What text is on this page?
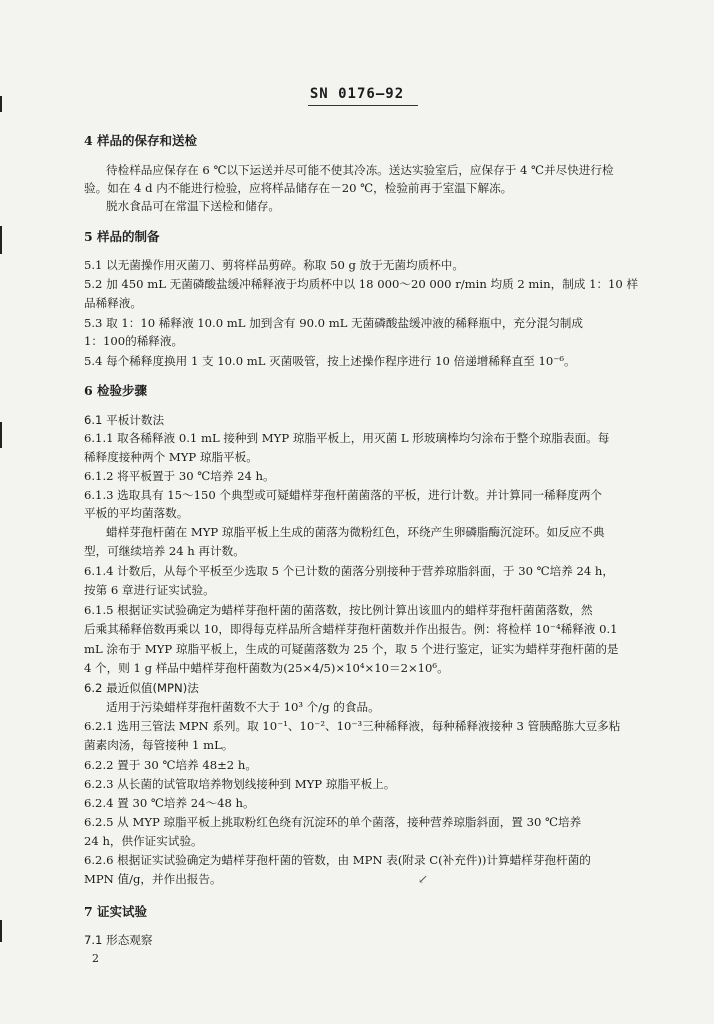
SN 0176—92
4 样品的保存和送检
待检样品应保存在 6 ℃以下运送并尽可能不使其冷冻。送达实验室后，应保存于 4 ℃并尽快进行检
验。如在 4 d 内不能进行检验，应将样品储存在－20 ℃，检验前再于室温下解冻。
脱水食品可在常温下送检和储存。
5 样品的制备
5.1 以无菌操作用灭菌刀、剪将样品剪碎。称取 50 g 放于无菌均质杯中。
5.2 加 450 mL 无菌磷酸盐缓冲稀释液于均质杯中以 18 000～20 000 r/min 均质 2 min，制成 1：10 样
品稀释液。
5.3 取 1：10 稀释液 10.0 mL 加到含有 90.0 mL 无菌磷酸盐缓冲液的稀释瓶中，充分混匀制成
1：100的稀释液。
5.4 每个稀释度换用 1 支 10.0 mL 灭菌吸管，按上述操作程序进行 10 倍递增稀释直至 10⁻⁶。
6 检验步骤
6.1 平板计数法
6.1.1 取各稀释液 0.1 mL 接种到 MYP 琼脂平板上，用灭菌 L 形玻璃棒均匀涂布于整个琼脂表面。每
稀释度接种两个 MYP 琼脂平板。
6.1.2 将平板置于 30 ℃培养 24 h。
6.1.3 选取具有 15～150 个典型或可疑蜡样芽孢杆菌菌落的平板，进行计数。并计算同一稀释度两个
平板的平均菌落数。
蜡样芽孢杆菌在 MYP 琼脂平板上生成的菌落为微粉红色，环绕产生卵磷脂酶沉淀环。如反应不典
型，可继续培养 24 h 再计数。
6.1.4 计数后，从每个平板至少选取 5 个已计数的菌落分别接种于营养琼脂斜面，于 30 ℃培养 24 h，
按第 6 章进行证实试验。
6.1.5 根据证实试验确定为蜡样芽孢杆菌的菌落数，按比例计算出该皿内的蜡样芽孢杆菌菌落数，然
后乘其稀释倍数再乘以 10，即得每克样品所含蜡样芽孢杆菌数并作出报告。例：将检样 10⁻⁴稀释液 0.1
mL 涂布于 MYP 琼脂平板上，生成的可疑菌落数为 25 个，取 5 个进行鉴定，证实为蜡样芽孢杆菌的是
4 个，则 1 g 样品中蜡样芽孢杆菌数为(25×4/5)×10⁴×10＝2×10⁶。
6.2 最近似值(MPN)法
适用于污染蜡样芽孢杆菌数不大于 10³ 个/g 的食品。
6.2.1 选用三管法 MPN 系列。取 10⁻¹、10⁻²、10⁻³三种稀释液，每种稀释液接种 3 管胰酪胨大豆多粘
菌素肉汤，每管接种 1 mL。
6.2.2 置于 30 ℃培养 48±2 h。
6.2.3 从长菌的试管取培养物划线接种到 MYP 琼脂平板上。
6.2.4 置 30 ℃培养 24～48 h。
6.2.5 从 MYP 琼脂平板上挑取粉红色绕有沉淀环的单个菌落，接种营养琼脂斜面，置 30 ℃培养
24 h，供作证实试验。
6.2.6 根据证实试验确定为蜡样芽孢杆菌的管数，由 MPN 表(附录 C(补充件))计算蜡样芽孢杆菌的
MPN 值/g，并作出报告。	↙
7 证实试验
7.1 形态观察
2
